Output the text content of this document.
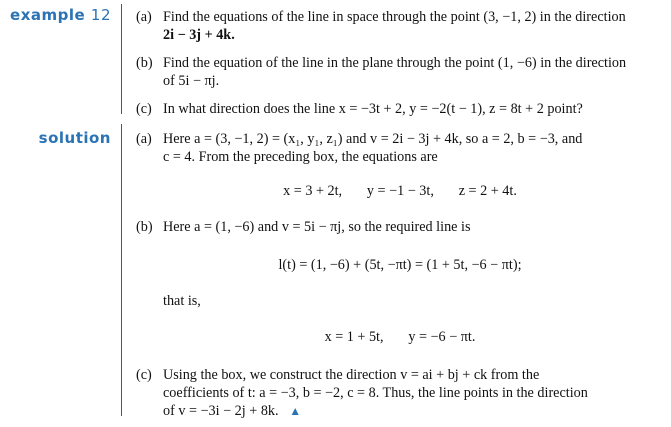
example 12
solution
(a) Find the equations of the line in space through the point (3, −1, 2) in the direction
2i − 3j + 4k.
(b) Find the equation of the line in the plane through the point (1, −6) in the direction
of 5i − πj.
(c) In what direction does the line x = −3t + 2, y = −2(t − 1), z = 8t + 2 point?
(a) Here a = (3, −1, 2) = (x₁, y₁, z₁) and v = 2i − 3j + 4k, so a = 2, b = −3, and
c = 4. From the preceding box, the equations are
x = 3 + 2t,       y = −1 − 3t,       z = 2 + 4t.
(b) Here a = (1, −6) and v = 5i − πj, so the required line is
l(t) = (1, −6) + (5t, −πt) = (1 + 5t, −6 − πt);
that is,
x = 1 + 5t,       y = −6 − πt.
(c) Using the box, we construct the direction v = ai + bj + ck from the
coefficients of t: a = −3, b = −2, c = 8. Thus, the line points in the direction
of v = −3i − 2j + 8k. ▲
